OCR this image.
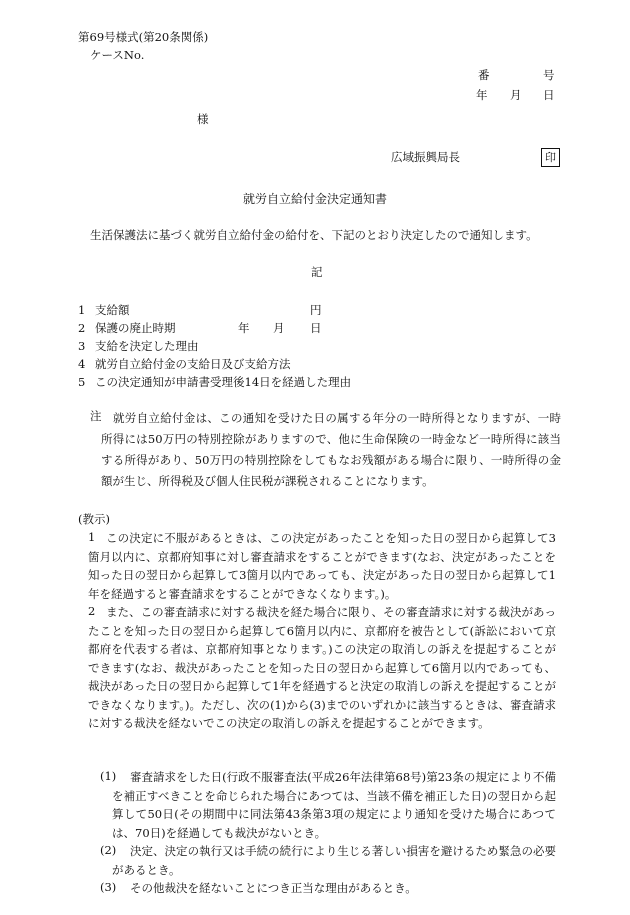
第69号様式(第20条関係)
ケースNo.
番	号
年 月 日
様
広域振興局長	印
就労自立給付金決定通知書
生活保護法に基づく就労自立給付金の給付を、下記のとおり決定したので通知します。
記
1 支給額	円
2 保護の廃止時期	年 月 日
3 支給を決定した理由
4 就労自立給付金の支給日及び支給方法
5 この決定通知が申請書受理後14日を経過した理由
注	就労自立給付金は、この通知を受けた日の属する年分の一時所得となりますが、一時所得には50万円の特別控除がありますので、他に生命保険の一時金など一時所得に該当する所得があり、50万円の特別控除をしてもなお残額がある場合に限り、一時所得の金額が生じ、所得税及び個人住民税が課税されることになります。
(教示)
1 この決定に不服があるときは、この決定があったことを知った日の翌日から起算して3箇月以内に、京都府知事に対し審査請求をすることができます(なお、決定があったことを知った日の翌日から起算して3箇月以内であっても、決定があった日の翌日から起算して1年を経過すると審査請求をすることができなくなります。)。
2 また、この審査請求に対する裁決を経た場合に限り、その審査請求に対する裁決があったことを知った日の翌日から起算して6箇月以内に、京都府を被告として(訴訟において京都府を代表する者は、京都府知事となります。)この決定の取消しの訴えを提起することができます(なお、裁決があったことを知った日の翌日から起算して6箇月以内であっても、裁決があった日の翌日から起算して1年を経過すると決定の取消しの訴えを提起することができなくなります。)。ただし、次の(1)から(3)までのいずれかに該当するときは、審査請求に対する裁決を経ないでこの決定の取消しの訴えを提起することができます。
(1)	審査請求をした日(行政不服審査法(平成26年法律第68号)第23条の規定により不備を補正すべきことを命じられた場合にあつては、当該不備を補正した日)の翌日から起算して50日(その期間中に同法第43条第3項の規定により通知を受けた場合にあつては、70日)を経過しても裁決がないとき。
(2)	決定、決定の執行又は手続の続行により生じる著しい損害を避けるため緊急の必要があるとき。
(3)	その他裁決を経ないことにつき正当な理由があるとき。
